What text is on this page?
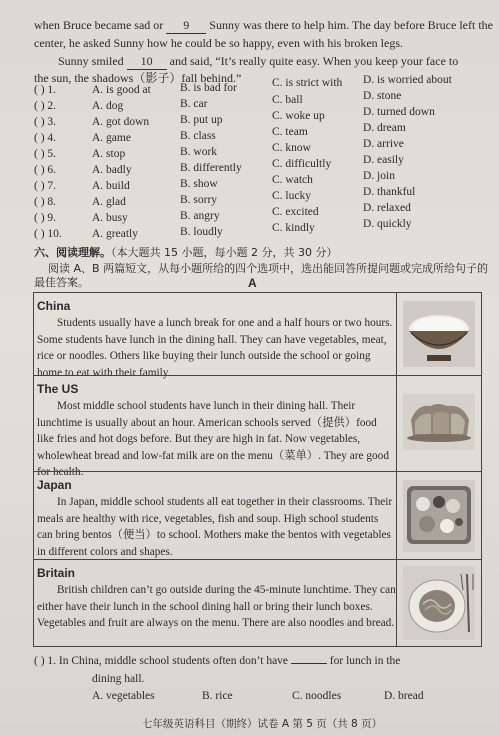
when Bruce became sad or 9 Sunny was there to help him. The day before Bruce left the
center, he asked Sunny how he could be so happy, even with his broken legs.
Sunny smiled 10 and said, “It’s really quite easy. When you keep your face to
the sun, the shadows（影子）fall behind.”
( ) 1.	A. is good at	B. is bad for	C. is strict with D. is worried about
( ) 2.	A. dog	B. car	C. ball	D. stone
( ) 3.	A. got down	B. put up	C. woke up	D. turned down
( ) 4.	A. game	B. class	C. team	D. dream
( ) 5.	A. stop	B. work	C. know	D. arrive
( ) 6.	A. badly	B. differently	C. difficultly	D. easily
( ) 7.	A. build	B. show	C. watch	D. join
( ) 8.	A. glad	B. sorry	C. lucky	D. thankful
( ) 9.	A. busy	B. angry	C. excited	D. relaxed
( ) 10.	A. greatly	B. loudly	C. kindly	D. quickly
六、阅读理解。（本大题共 15 小题，每小题 2 分，共 30 分）
阅读 A、B 两篇短文，从每小题所给的四个选项中，选出能回答所提问题或完成所给句子的
最佳答案。	A
China

Students usually have a lunch break for one and a half hours or two hours. Some students have lunch in the dining hall. They can have vegetables, meat, rice or noodles. Others like buying their lunch outside the school or going home to eat with their family.

The US

Most middle school students have lunch in their dining hall. Their lunchtime is usually about an hour. American schools served（提供）food like fries and hot dogs before. But they are high in fat. Now vegetables, wholewheat bread and low-fat milk are on the menu（菜单）. They are good for health.

Japan

In Japan, middle school students all eat together in their classrooms. Their meals are healthy with rice, vegetables, fish and soup. High school students can bring bentos（便当）to school. Mothers make the bentos with vegetables in different colors and shapes.

Britain

British children can’t go outside during the 45-minute lunchtime. They can either have their lunch in the school dining hall or bring their lunch boxes. Vegetables and fruit are always on the menu. There are also noodles and bread.

( ) 1. In China, middle school students often don’t have	for lunch in the
dining hall.
A. vegetables	B. rice	C. noodles	D. bread
七年级英语科目（期终）试卷 A 第 5 页（共 8 页）
